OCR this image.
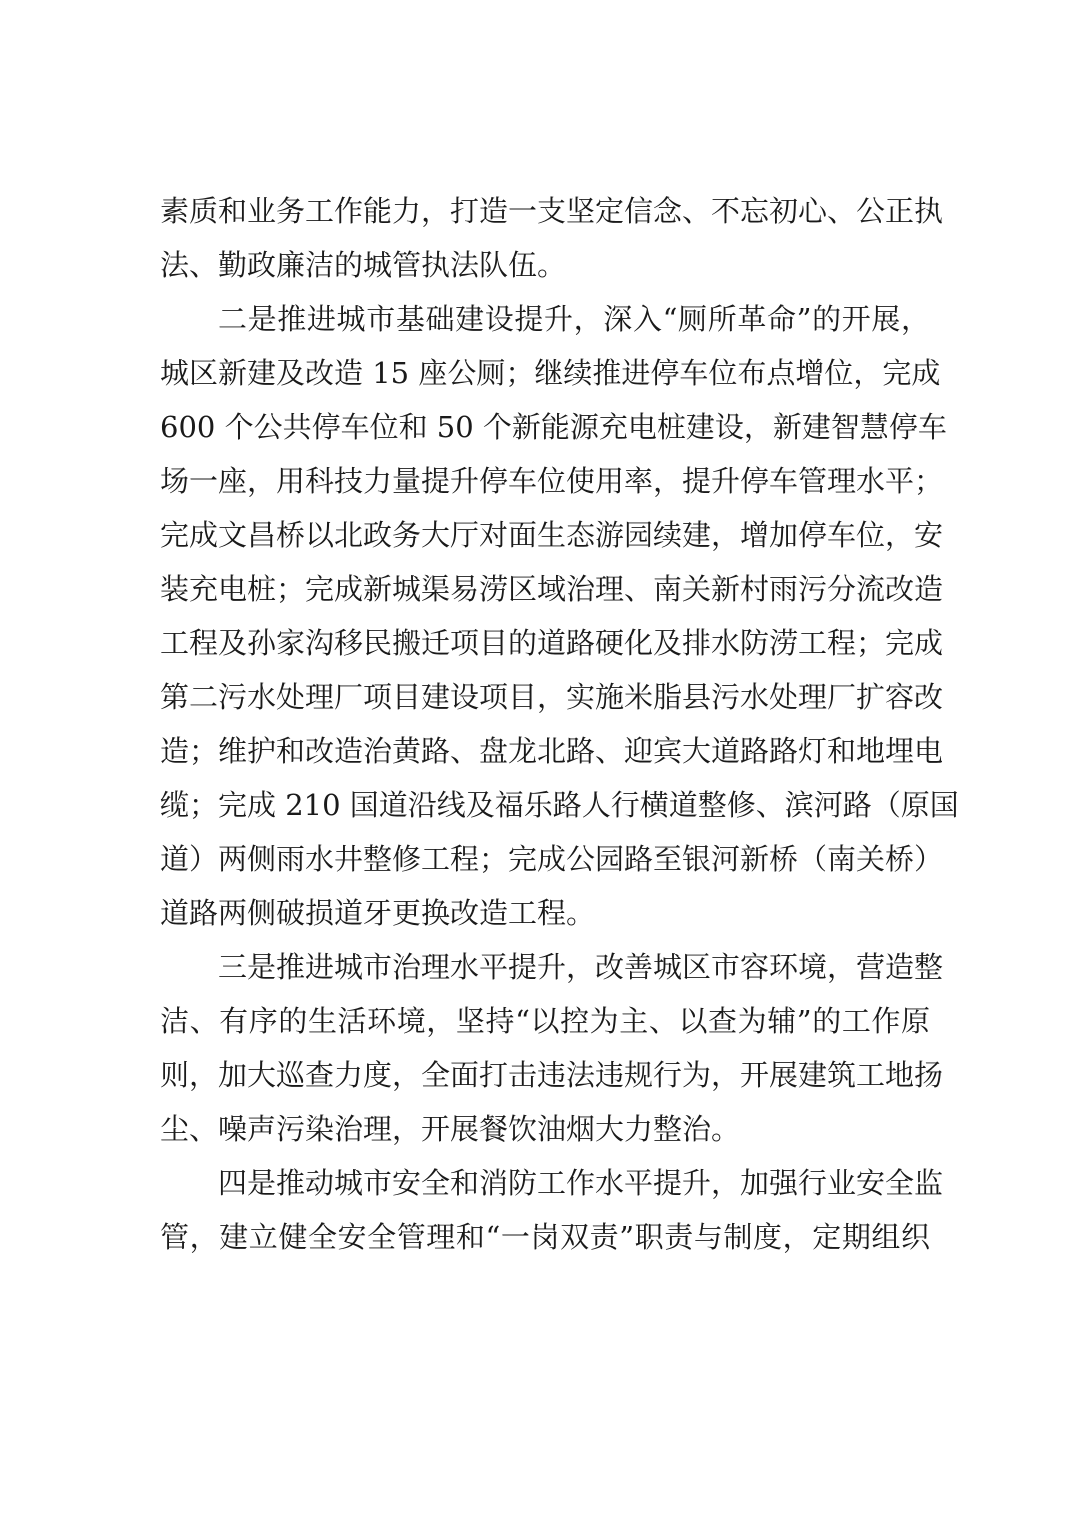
素质和业务工作能力，打造一支坚定信念、不忘初心、公正执
法、勤政廉洁的城管执法队伍。
二是推进城市基础建设提升，深入“厕所革命”的开展，
城区新建及改造 15 座公厕；继续推进停车位布点增位，完成
600 个公共停车位和 50 个新能源充电桩建设，新建智慧停车
场一座，用科技力量提升停车位使用率，提升停车管理水平；
完成文昌桥以北政务大厅对面生态游园续建，增加停车位，安
装充电桩；完成新城渠易涝区域治理、南关新村雨污分流改造
工程及孙家沟移民搬迁项目的道路硬化及排水防涝工程；完成
第二污水处理厂项目建设项目，实施米脂县污水处理厂扩容改
造；维护和改造治黄路、盘龙北路、迎宾大道路路灯和地埋电
缆；完成 210 国道沿线及福乐路人行横道整修、滨河路（原国
道）两侧雨水井整修工程；完成公园路至银河新桥（南关桥）
道路两侧破损道牙更换改造工程。
三是推进城市治理水平提升，改善城区市容环境，营造整
洁、有序的生活环境，坚持“以控为主、以查为辅”的工作原
则，加大巡查力度，全面打击违法违规行为，开展建筑工地扬
尘、噪声污染治理，开展餐饮油烟大力整治。
四是推动城市安全和消防工作水平提升，加强行业安全监
管，建立健全安全管理和“一岗双责”职责与制度，定期组织
